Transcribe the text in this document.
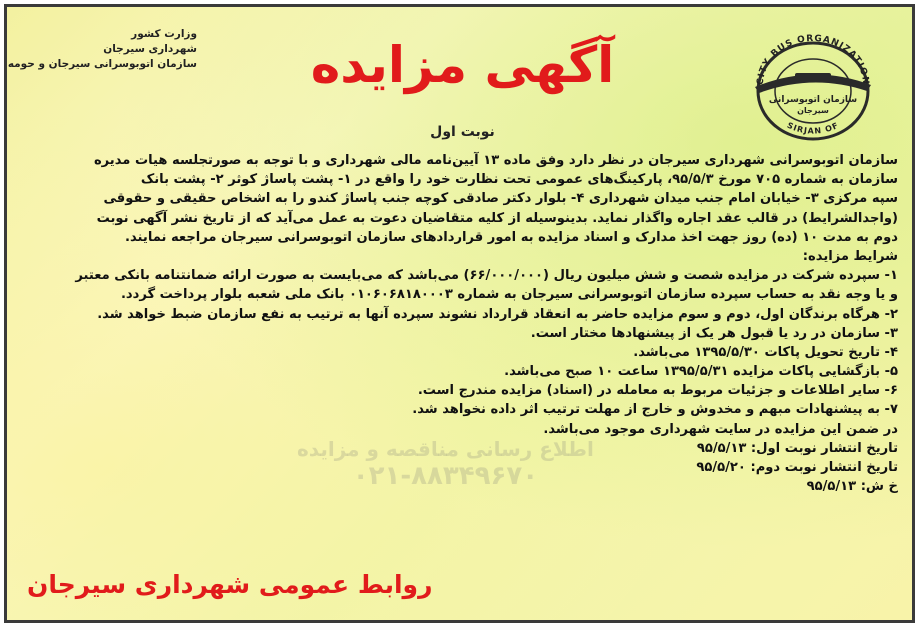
وزارت کشور
شهرداری سیرجان
سازمان اتوبوسرانی سیرجان و حومه	آگهی مزایده
نوبت اول
CITY BUS ORGANIZATION
SIRJAN OF
سازمان اتوبوسرانی
سیرجان
سازمان اتوبوسرانی شهرداری سیرجان در نظر دارد وفق ماده ۱۳ آیین‌نامه مالی شهرداری و با توجه به صورتجلسه هیات مدیره
سازمان به شماره ۷۰۵ مورخ ۹۵/۵/۳، پارکینگ‌های عمومی تحت نظارت خود را واقع در ۱- پشت پاساژ کوثر ۲- پشت بانک
سپه مرکزی ۳- خیابان امام جنب میدان شهرداری ۴- بلوار دکتر صادقی کوچه جنب پاساژ کندو را به اشخاص حقیقی و حقوقی
(واجدالشرایط) در قالب عقد اجاره واگذار نماید. بدینوسیله از کلیه متقاضیان دعوت به عمل می‌آید که از تاریخ نشر آگهی نوبت
دوم به مدت ۱۰ (ده) روز جهت اخذ مدارک و اسناد مزایده به امور قراردادهای سازمان اتوبوسرانی سیرجان مراجعه نمایند.
شرایط مزایده:
۱- سپرده شرکت در مزایده شصت و شش میلیون ریال (۶۶/۰۰۰/۰۰۰) می‌باشد که می‌بایست به صورت ارائه ضمانتنامه بانکی معتبر
و یا وجه نقد به حساب سپرده سازمان اتوبوسرانی سیرجان به شماره ۰۱۰۶۰۶۸۱۸۰۰۰۳ بانک ملی شعبه بلوار پرداخت گردد.
۲- هرگاه برندگان اول، دوم و سوم مزایده حاضر به انعقاد قرارداد نشوند سپرده آنها به ترتیب به نفع سازمان ضبط خواهد شد.
۳- سازمان در رد یا قبول هر یک از پیشنهادها مختار است.
۴- تاریخ تحویل پاکات ۱۳۹۵/۵/۳۰ می‌باشد.
۵- بازگشایی پاکات مزایده ۱۳۹۵/۵/۳۱ ساعت ۱۰ صبح می‌باشد.
۶- سایر اطلاعات و جزئیات مربوط به معامله در (اسناد) مزایده مندرج است.
۷- به پیشنهادات مبهم و مخدوش و خارج از مهلت ترتیب اثر داده نخواهد شد.
در ضمن این مزایده در سایت شهرداری موجود می‌باشد.
تاریخ انتشار نوبت اول: ۹۵/۵/۱۳
تاریخ انتشار نوبت دوم: ۹۵/۵/۲۰
خ ش: ۹۵/۵/۱۳
اطلاع رسانی مناقصه و مزایده
۰۲۱-۸۸۳۴۹۶۷۰
روابط عمومی شهرداری سیرجان
